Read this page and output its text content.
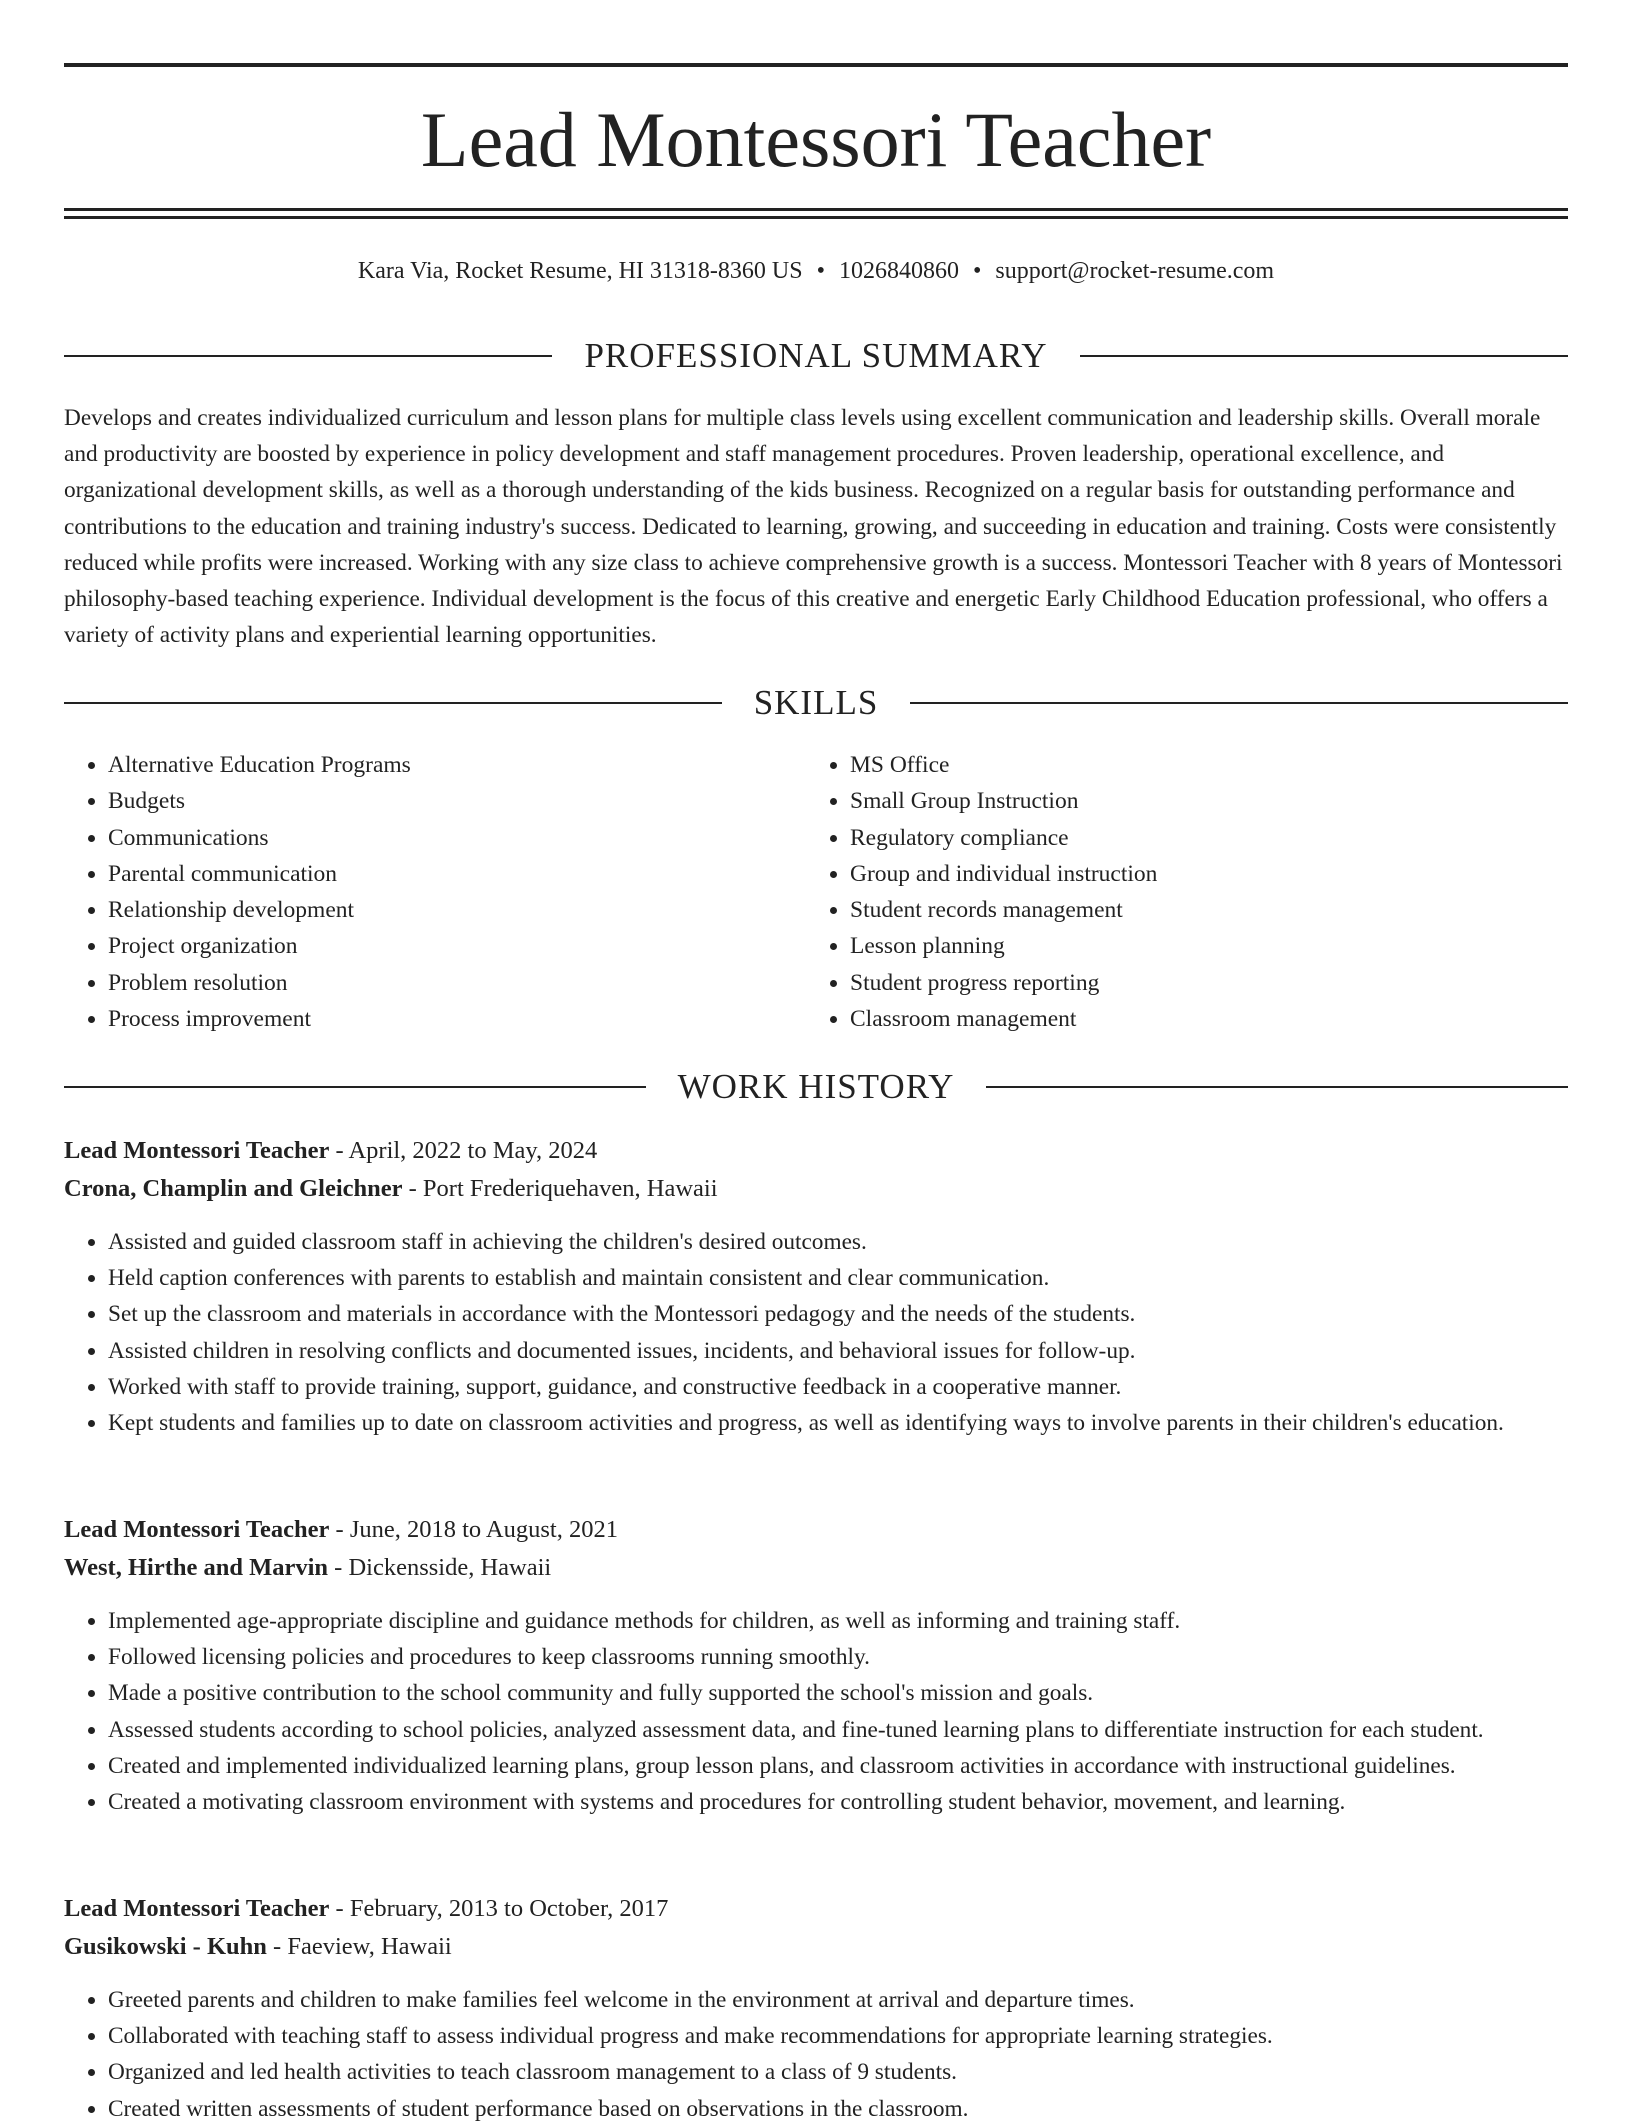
Lead Montessori Teacher
Kara Via, Rocket Resume, HI 31318-8360 US • 1026840860 • support@rocket-resume.com
PROFESSIONAL SUMMARY

Develops and creates individualized curriculum and lesson plans for multiple class levels using excellent communication and leadership skills. Overall morale and productivity are boosted by experience in policy development and staff management procedures. Proven leadership, operational excellence, and organizational development skills, as well as a thorough understanding of the kids business. Recognized on a regular basis for outstanding performance and contributions to the education and training industry's success. Dedicated to learning, growing, and succeeding in education and training. Costs were consistently reduced while profits were increased. Working with any size class to achieve comprehensive growth is a success. Montessori Teacher with 8 years of Montessori philosophy-based teaching experience. Individual development is the focus of this creative and energetic Early Childhood Education professional, who offers a variety of activity plans and experiential learning opportunities.

SKILLS
• Alternative Education Programs
• Budgets
• Communications
• Parental communication
• Relationship development
• Project organization
• Problem resolution
• Process improvement
• MS Office
• Small Group Instruction
• Regulatory compliance
• Group and individual instruction
• Student records management
• Lesson planning
• Student progress reporting
• Classroom management
WORK HISTORY
Lead Montessori Teacher - April, 2022 to May, 2024
Crona, Champlin and Gleichner - Port Frederiquehaven, Hawaii
• Assisted and guided classroom staff in achieving the children's desired outcomes.
• Held caption conferences with parents to establish and maintain consistent and clear communication.
• Set up the classroom and materials in accordance with the Montessori pedagogy and the needs of the students.
• Assisted children in resolving conflicts and documented issues, incidents, and behavioral issues for follow-up.
• Worked with staff to provide training, support, guidance, and constructive feedback in a cooperative manner.
• Kept students and families up to date on classroom activities and progress, as well as identifying ways to involve parents in their children's education.
Lead Montessori Teacher - June, 2018 to August, 2021
West, Hirthe and Marvin - Dickensside, Hawaii
• Implemented age-appropriate discipline and guidance methods for children, as well as informing and training staff.
• Followed licensing policies and procedures to keep classrooms running smoothly.
• Made a positive contribution to the school community and fully supported the school's mission and goals.
• Assessed students according to school policies, analyzed assessment data, and fine-tuned learning plans to differentiate instruction for each student.
• Created and implemented individualized learning plans, group lesson plans, and classroom activities in accordance with instructional guidelines.
• Created a motivating classroom environment with systems and procedures for controlling student behavior, movement, and learning.
Lead Montessori Teacher - February, 2013 to October, 2017
Gusikowski - Kuhn - Faeview, Hawaii
• Greeted parents and children to make families feel welcome in the environment at arrival and departure times.
• Collaborated with teaching staff to assess individual progress and make recommendations for appropriate learning strategies.
• Organized and led health activities to teach classroom management to a class of 9 students.
• Created written assessments of student performance based on observations in the classroom.
